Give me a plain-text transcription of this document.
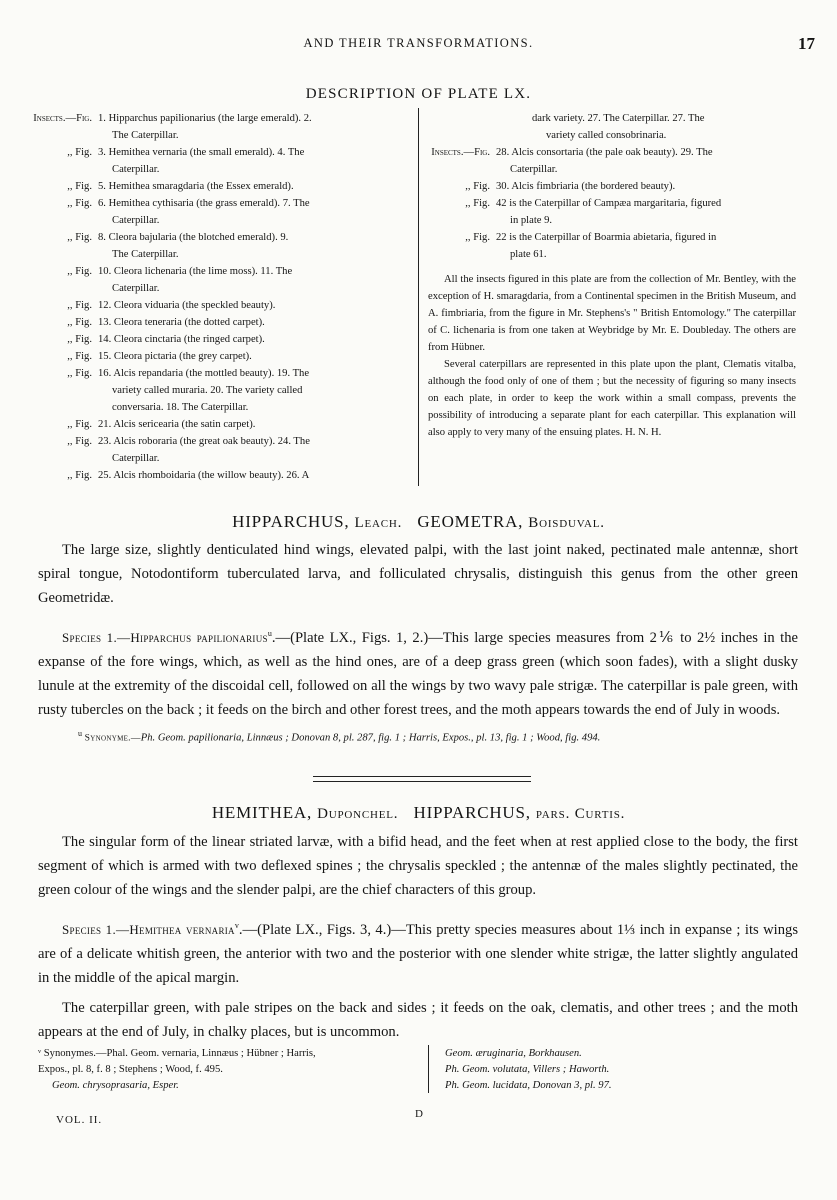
AND THEIR TRANSFORMATIONS.	17
DESCRIPTION OF PLATE LX.
Insects.—Fig. 1. Hipparchus papilionarius (the large emerald). 2.
The Caterpillar.
,, Fig. 3. Hemithea vernaria (the small emerald). 4. The
Caterpillar.
,, Fig. 5. Hemithea smaragdaria (the Essex emerald).
,, Fig. 6. Hemithea cythisaria (the grass emerald). 7. The
Caterpillar.
,, Fig. 8. Cleora bajularia (the blotched emerald). 9.
The Caterpillar.
,, Fig. 10. Cleora lichenaria (the lime moss). 11. The
Caterpillar.
,, Fig. 12. Cleora viduaria (the speckled beauty).
,, Fig. 13. Cleora teneraria (the dotted carpet).
,, Fig. 14. Cleora cinctaria (the ringed carpet).
,, Fig. 15. Cleora pictaria (the grey carpet).
,, Fig. 16. Alcis repandaria (the mottled beauty). 19. The
variety called muraria. 20. The variety called
conversaria. 18. The Caterpillar.
,, Fig. 21. Alcis sericearia (the satin carpet).
,, Fig. 23. Alcis roboraria (the great oak beauty). 24. The
Caterpillar.
,, Fig. 25. Alcis rhomboidaria (the willow beauty). 26. A
dark variety. 27. The Caterpillar. 27. The
variety called consobrinaria.
Insects.—Fig. 28. Alcis consortaria (the pale oak beauty). 29. The
Caterpillar.
,, Fig. 30. Alcis fimbriaria (the bordered beauty).
,, Fig. 42 is the Caterpillar of Campæa margaritaria, figured
in plate 9.
,, Fig. 22 is the Caterpillar of Boarmia abietaria, figured in
plate 61.

All the insects figured in this plate are from the collection of Mr. Bentley, with the exception of H. smaragdaria, from a Continental specimen in the British Museum, and A. fimbriaria, from the figure in Mr. Stephens's " British Entomology." The caterpillar of C. lichenaria is from one taken at Weybridge by Mr. E. Doubleday. The others are from Hübner.

Several caterpillars are represented in this plate upon the plant, Clematis vitalba, although the food only of one of them ; but the necessity of figuring so many insects on each plate, in order to keep the work within a small compass, prevents the possibility of introducing a separate plant for each caterpillar. This explanation will also apply to very many of the ensuing plates. H. N. H.

HIPPARCHUS, Leach. GEOMETRA, Boisduval.

The large size, slightly denticulated hind wings, elevated palpi, with the last joint naked, pectinated male antennæ, short spiral tongue, Notodontiform tuberculated larva, and folliculated chrysalis, distinguish this genus from the other green Geometridæ.

Species 1.—Hipparchus papilionarius$^u$.—(Plate LX., Figs. 1, 2.)—This large species measures from 2⅙ to 2½ inches in the expanse of the fore wings, which, as well as the hind ones, are of a deep grass green (which soon fades), with a slight dusky lunule at the extremity of the discoidal cell, followed on all the wings by two wavy pale strigæ. The caterpillar is pale green, with rusty tubercles on the back ; it feeds on the birch and other forest trees, and the moth appears towards the end of July in woods.

$^u$ Synonyme.—Ph. Geom. papilionaria, Linnæus ; Donovan 8, pl. 287, fig. 1 ; Harris, Expos., pl. 13, fig. 1 ; Wood, fig. 494.

HEMITHEA, Duponchel. HIPPARCHUS, pars. Curtis.

The singular form of the linear striated larvæ, with a bifid head, and the feet when at rest applied close to the body, the first segment of which is armed with two deflexed spines ; the chrysalis speckled ; the antennæ of the males slightly pectinated, the green colour of the wings and the slender palpi, are the chief characters of this group.

Species 1.—Hemithea vernaria$^v$.—(Plate LX., Figs. 3, 4.)—This pretty species measures about 1⅓ inch in expanse ; its wings are of a delicate whitish green, the anterior with two and the posterior with one slender white strigæ, the latter slightly angulated in the middle of the apical margin.

The caterpillar green, with pale stripes on the back and sides ; it feeds on the oak, clematis, and other trees ; and the moth appears at the end of July, in chalky places, but is uncommon.

ᵛ Synonymes.—Phal. Geom. vernaria, Linnæus ; Hübner ; Harris,
Expos., pl. 8, f. 8 ; Stephens ; Wood, f. 495.
Geom. chrysoprasaria, Esper.
Geom. æruginaria, Borkhausen.
Ph. Geom. volutata, Villers ; Haworth.
Ph. Geom. lucidata, Donovan 3, pl. 97.
VOL. II.	D
